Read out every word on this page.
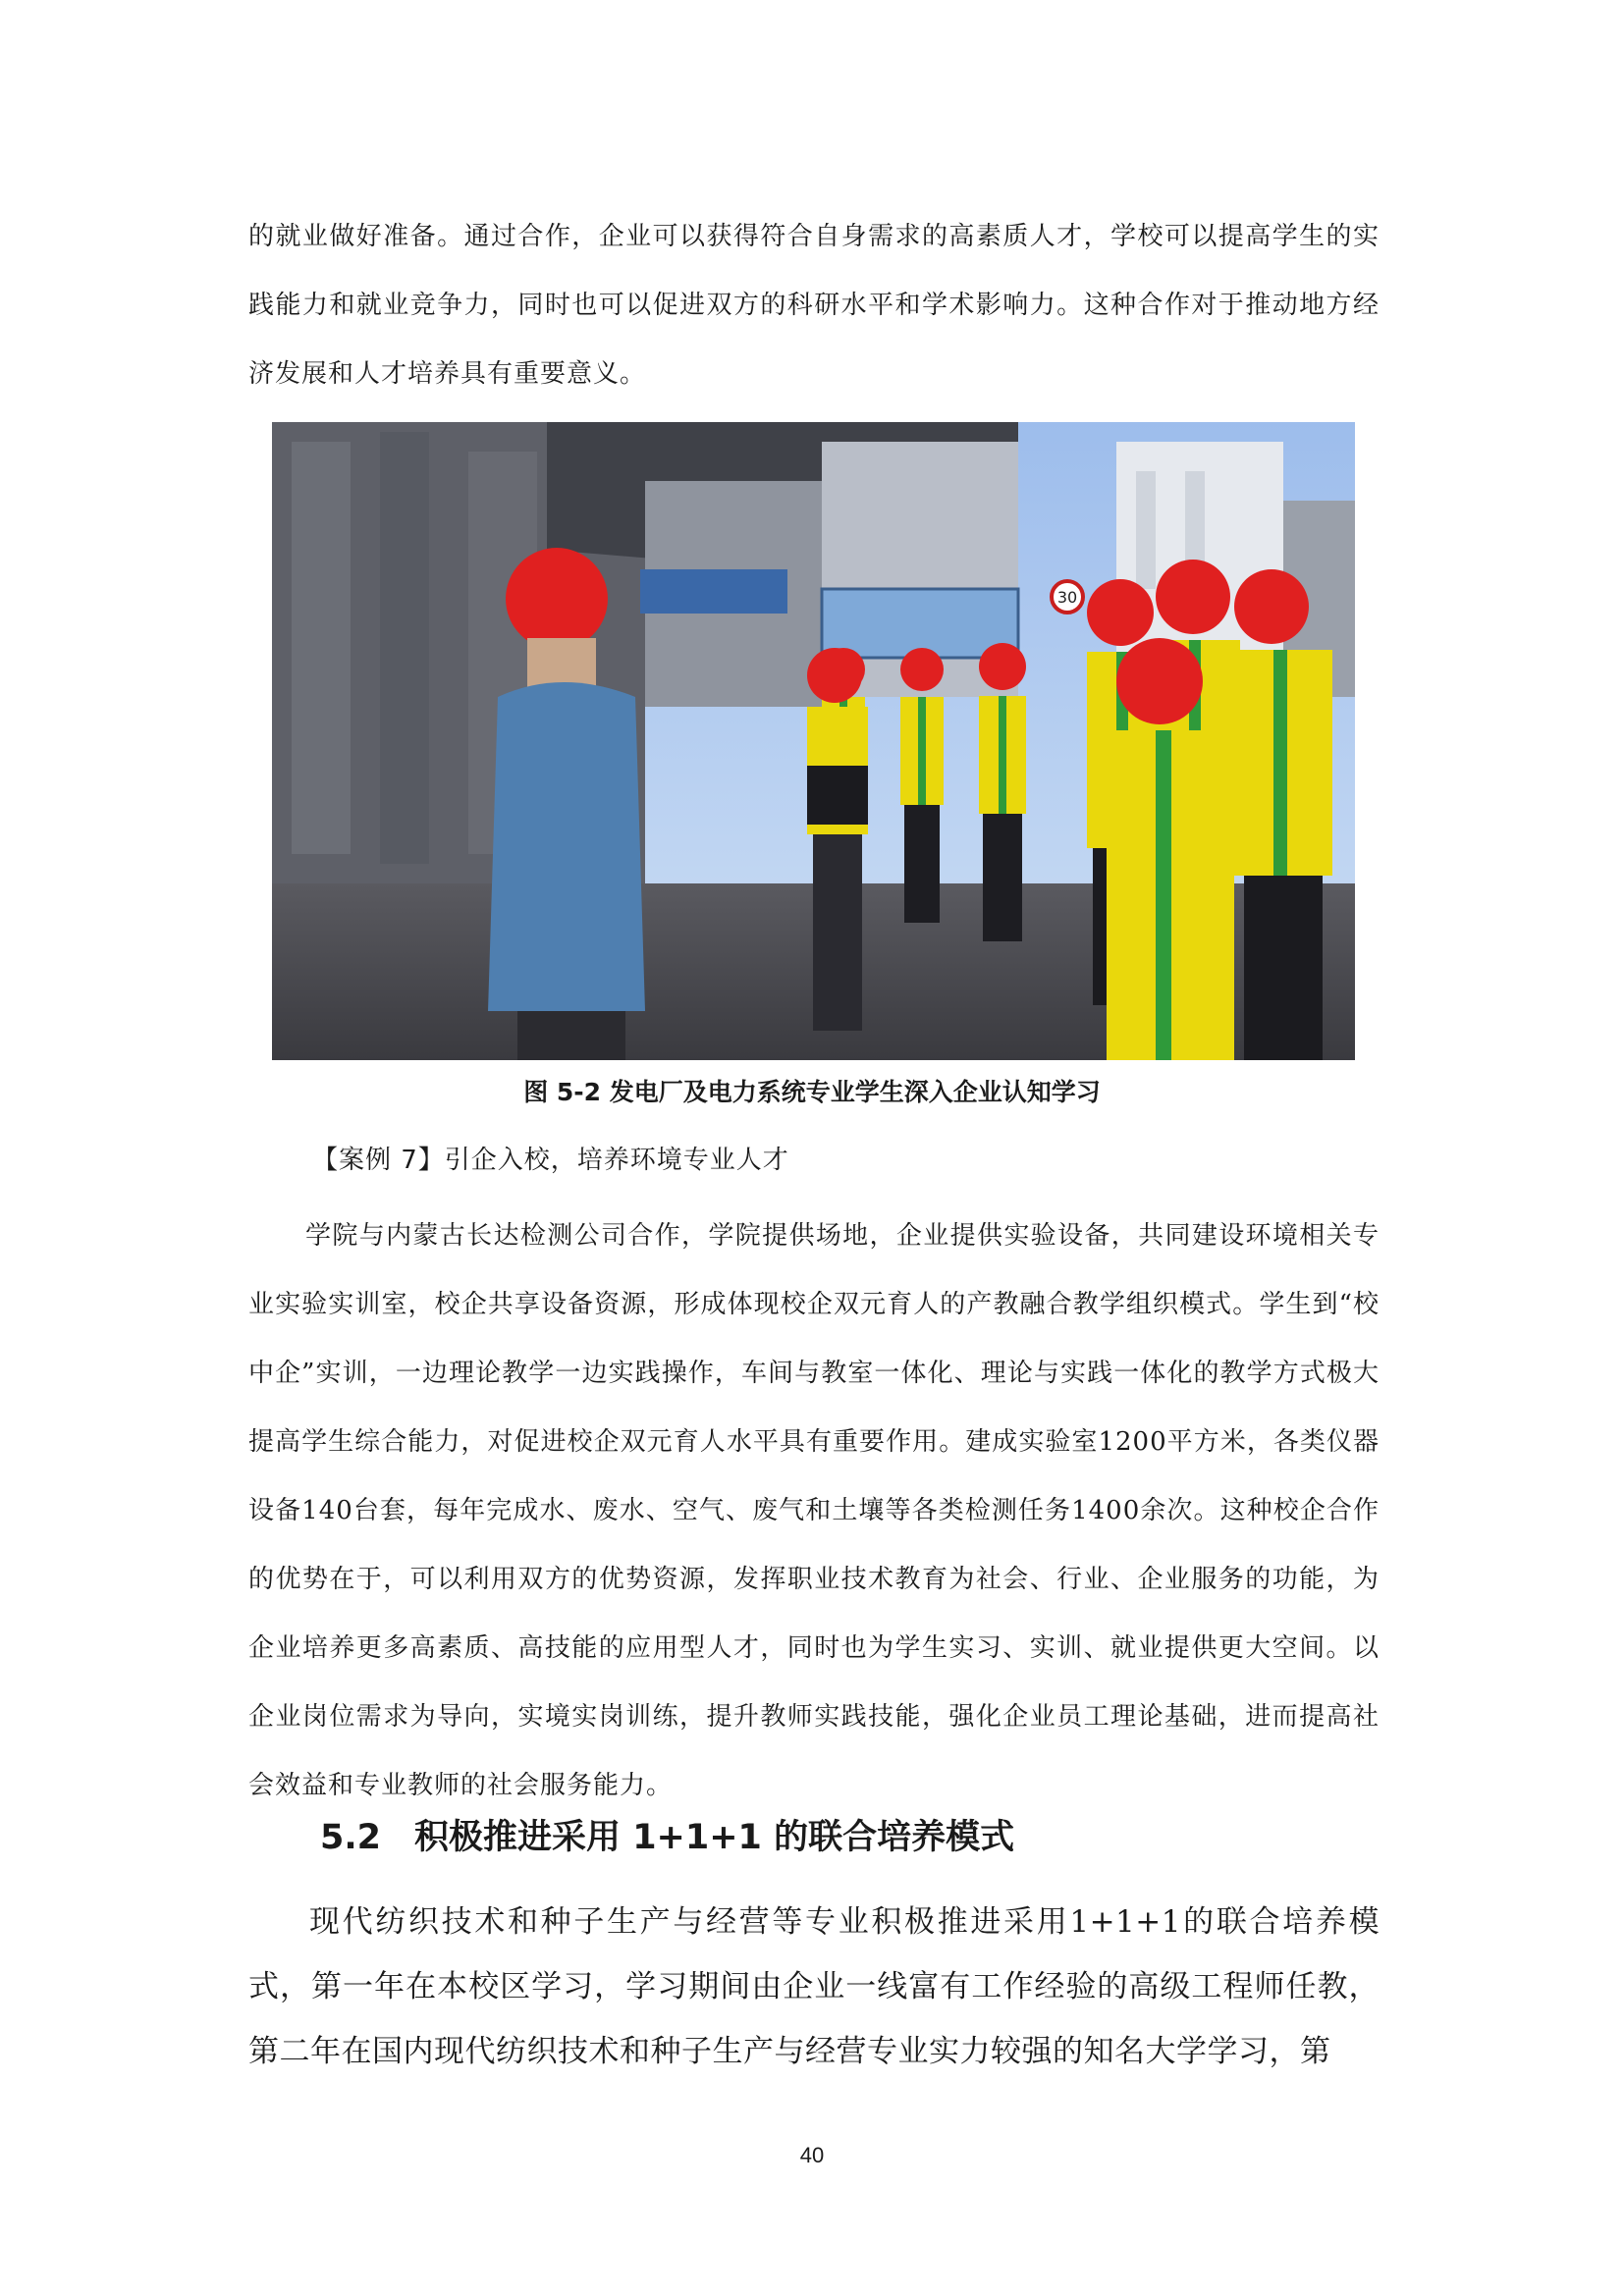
的就业做好准备。通过合作，企业可以获得符合自身需求的高素质人才，学校可以提高学生的实践能力和就业竞争力，同时也可以促进双方的科研水平和学术影响力。这种合作对于推动地方经济发展和人才培养具有重要意义。

30
图 5-2 发电厂及电力系统专业学生深入企业认知学习
【案例 7】引企入校，培养环境专业人才

学院与内蒙古长达检测公司合作，学院提供场地，企业提供实验设备，共同建设环境相关专业实验实训室，校企共享设备资源，形成体现校企双元育人的产教融合教学组织模式。学生到“校中企”实训，一边理论教学一边实践操作，车间与教室一体化、理论与实践一体化的教学方式极大提高学生综合能力，对促进校企双元育人水平具有重要作用。建成实验室1200平方米，各类仪器设备140台套，每年完成水、废水、空气、废气和土壤等各类检测任务1400余次。这种校企合作的优势在于，可以利用双方的优势资源，发挥职业技术教育为社会、行业、企业服务的功能，为企业培养更多高素质、高技能的应用型人才，同时也为学生实习、实训、就业提供更大空间。以企业岗位需求为导向，实境实岗训练，提升教师实践技能，强化企业员工理论基础，进而提高社会效益和专业教师的社会服务能力。

5.2 积极推进采用 1+1+1 的联合培养模式

现代纺织技术和种子生产与经营等专业积极推进采用1+1+1的联合培养模式，第一年在本校区学习，学习期间由企业一线富有工作经验的高级工程师任教，第二年在国内现代纺织技术和种子生产与经营专业实力较强的知名大学学习，第

40
